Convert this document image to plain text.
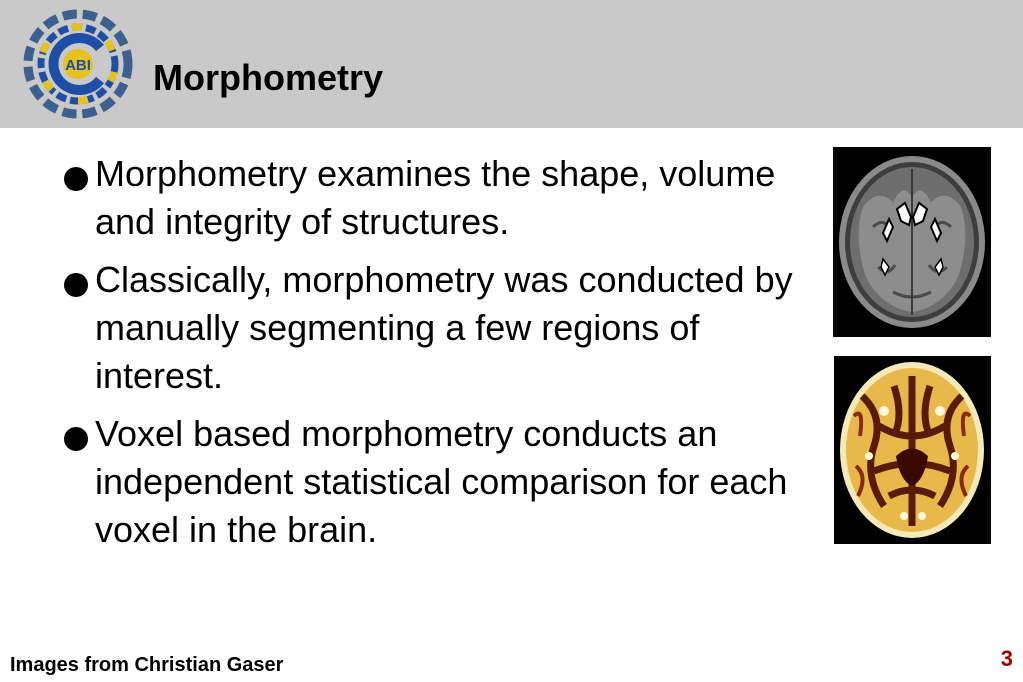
ABI Morphometry
Morphometry examines the shape, volume and integrity of structures.
Classically, morphometry was conducted by manually segmenting a few regions of interest.
Voxel based morphometry conducts an independent statistical comparison for each voxel in the brain.
Images from Christian Gaser	3
